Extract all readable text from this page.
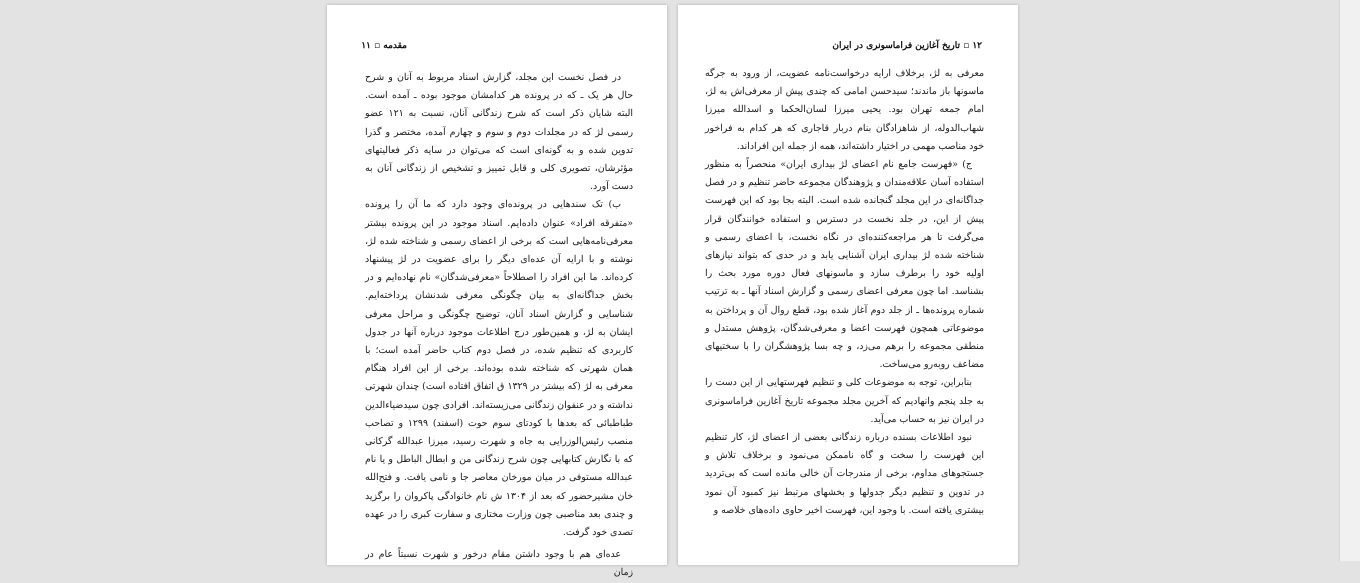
مقدمه ▫ ۱۱

در فصل نخست این مجلد، گزارش اسناد مربوط به آنان و شرح حال هر یک ـ که در پرونده هر کدامشان موجود بوده ـ آمده است. البته شایان ذکر است که شرح زندگانی آنان، نسبت به ۱۲۱ عضو رسمی لژ که در مجلدات دوم و سوم و چهارم آمده، مختصر و گذرا تدوین شده و به گونه‌ای است که می‌توان در سایه ذکر فعالیتهای مؤثرشان، تصویری کلی و قابل تمییز و تشخیص از زندگانی آنان به دست آورد.

ب) تک سندهایی در پرونده‌ای وجود دارد که ما آن را پرونده «متفرقه افراد» عنوان داده‌ایم. اسناد موجود در این پرونده بیشتر معرفی‌نامه‌هایی است که برخی از اعضای رسمی و شناخته شده لژ، نوشته و با ارایه آن عده‌ای دیگر را برای عضویت در لژ پیشنهاد کرده‌اند. ما این افراد را اصطلاحاً «معرفی‌شدگان» نام نهاده‌ایم و در بخش جداگانه‌ای به بیان چگونگی معرفی شدنشان پرداخته‌ایم. شناسایی و گزارش اسناد آنان، توضیح چگونگی و مراحل معرفی ایشان به لژ، و همین‌طور درج اطلاعات موجود درباره آنها در جدول کاربردی که تنظیم شده، در فصل دوم کتاب حاضر آمده است؛ با همان شهرتی که شناخته شده بوده‌اند. برخی از این افراد هنگام معرفی به لژ (که بیشتر در ۱۳۲۹ ق اتفاق افتاده است) چندان شهرتی نداشته و در عنفوان زندگانی می‌زیسته‌اند. افرادی چون سیدضیاءالدین طباطبائی که بعدها با کودتای سوم حوت (اسفند) ۱۲۹۹ و تصاحب منصب رئیس‌الوزرایی به جاه و شهرت رسید، میرزا عبدالله گرکانی که با نگارش کتابهایی چون شرح زندگانی من و ابطال الباطل و یا نام عبدالله مستوفی در میان مورخان معاصر جا و نامی یافت. و فتح‌الله خان مشیرحضور که بعد از ۱۳۰۴ ش نام خانوادگی پاکروان را برگزید و چندی بعد مناصبی چون وزارت مختاری و سفارت کبری را در عهده تصدی خود گرفت.

عده‌ای هم با وجود داشتن مقام درخور و شهرت نسبتاً عام در زمان

۱۲ ▫ تاریخ آغازین فراماسونری در ایران

معرفی به لژ، برخلاف ارایه درخواست‌نامه عضویت، از ورود به جرگه ماسونها باز ماندند؛ سیدحسن امامی که چندی پیش از معرفی‌اش به لژ، امام جمعه تهران بود. یحیی میرزا لسان‌الحکما و اسدالله میرزا شهاب‌الدوله، از شاهزادگان بنام دربار قاجاری که هر کدام به فراخور خود مناصب مهمی در اختیار داشته‌اند، همه از جمله این افراد‌اند.

ج) «فهرست جامع نام اعضای لژ بیداری ایران» منحصراً به منظور استفاده آسان علاقه‌مندان و پژوهندگان مجموعه حاضر تنظیم و در فصل جداگانه‌ای در این مجلد گنجانده شده است. البته بجا بود که این فهرست پیش از این، در جلد نخست در دسترس و استفاده خوانندگان قرار می‌گرفت تا هر مراجعه‌کننده‌ای در نگاه نخست، با اعضای رسمی و شناخته شده لژ بیداری ایران آشنایی یابد و در حدی که بتواند نیازهای اولیه خود را برطرف سازد و ماسونهای فعال دوره مورد بحث را بشناسد. اما چون معرفی اعضای رسمی و گزارش اسناد آنها ـ به ترتیب شماره پرونده‌ها ـ از جلد دوم آغاز شده بود، قطع روال آن و پرداختن به موضوعاتی همچون فهرست اعضا و معرفی‌شدگان، پژوهش مستدل و منطقی مجموعه را برهم می‌زد، و چه بسا پژوهشگران را با سختیهای مضاعف روبه‌رو می‌ساخت.

بنابراین، توجه به موضوعات کلی و تنظیم فهرستهایی از این دست را به جلد پنجم وانهادیم که آخرین مجلد مجموعه تاریخ آغازین فراماسونری در ایران نیز به حساب می‌آید.

نبود اطلاعات بسنده درباره زندگانی بعضی از اعضای لژ، کار تنظیم این فهرست را سخت و گاه ناممکن می‌نمود و برخلاف تلاش و جستجوهای مداوم، برخی از مندرجات آن خالی مانده است که بی‌تردید در تدوین و تنظیم دیگر جدولها و بخشهای مرتبط نیز کمبود آن نمود بیشتری یافته است. با وجود این، فهرست اخیر حاوی داده‌های خلاصه و
